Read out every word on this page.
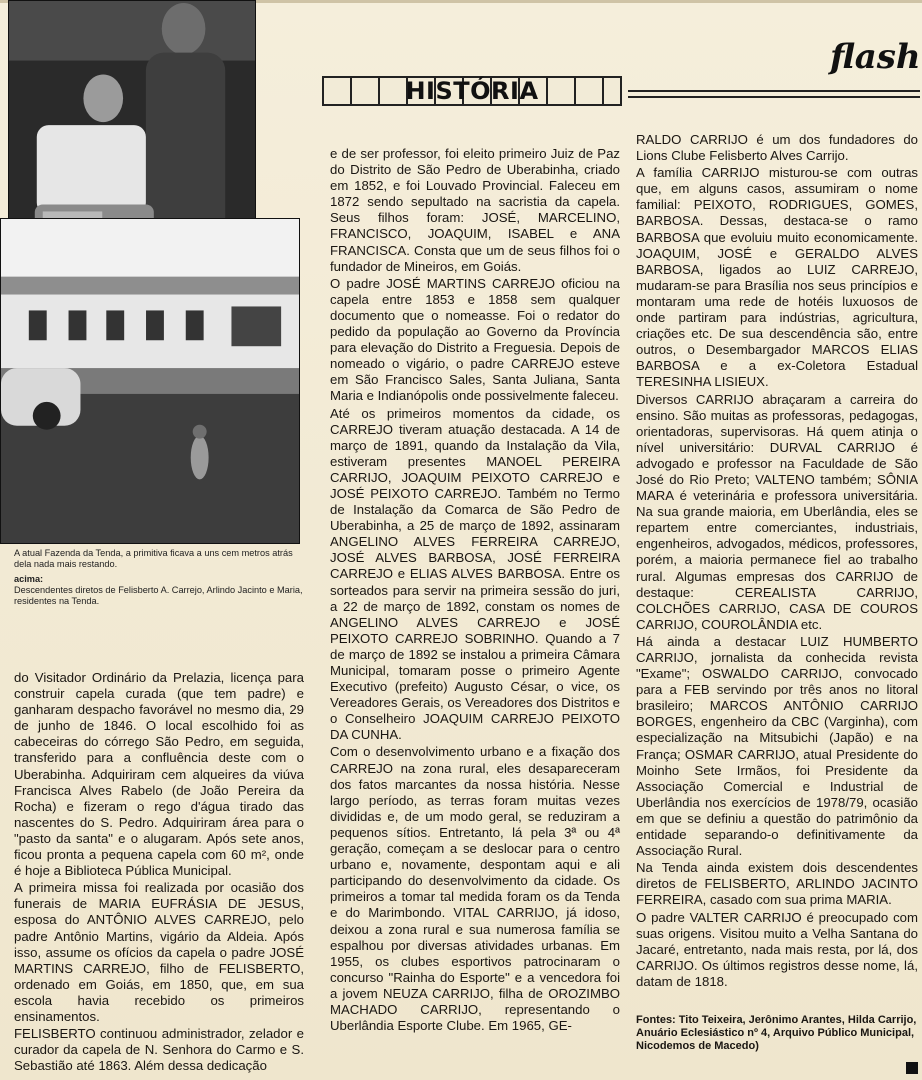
A atual Fazenda da Tenda, a primitiva ficava a uns cem metros atrás dela nada mais restando.
acima:
Descendentes diretos de Felisberto A. Carrejo, Arlindo Jacinto e Maria, residentes na Tenda.
HISTÓRIA
flash

do Visitador Ordinário da Prelazia, licença para construir capela curada (que tem padre) e ganharam despacho favorável no mesmo dia, 29 de junho de 1846. O local escolhido foi as cabeceiras do córrego São Pedro, em seguida, transferido para a confluência deste com o Uberabinha. Adquiriram cem alqueires da viúva Francisca Alves Rabelo (de João Pereira da Rocha) e fizeram o rego d'água tirado das nascentes do S. Pedro. Adquiriram área para o "pasto da santa" e o alugaram. Após sete anos, ficou pronta a pequena capela com 60 m², onde é hoje a Biblioteca Pública Municipal.

A primeira missa foi realizada por ocasião dos funerais de MARIA EUFRÁSIA DE JESUS, esposa do ANTÔNIO ALVES CARREJO, pelo padre Antônio Martins, vigário da Aldeia. Após isso, assume os ofícios da capela o padre JOSÉ MARTINS CARREJO, filho de FELISBERTO, ordenado em Goiás, em 1850, que, em sua escola havia recebido os primeiros ensinamentos.

FELISBERTO continuou administrador, zelador e curador da capela de N. Senhora do Carmo e S. Sebastião até 1863. Além dessa dedicação

e de ser professor, foi eleito primeiro Juiz de Paz do Distrito de São Pedro de Uberabinha, criado em 1852, e foi Louvado Provincial. Faleceu em 1872 sendo sepultado na sacristia da capela. Seus filhos foram: JOSÉ, MARCELINO, FRANCISCO, JOAQUIM, ISABEL e ANA FRANCISCA. Consta que um de seus filhos foi o fundador de Mineiros, em Goiás.

O padre JOSÉ MARTINS CARREJO oficiou na capela entre 1853 e 1858 sem qualquer documento que o nomeasse. Foi o redator do pedido da população ao Governo da Província para elevação do Distrito a Freguesia. Depois de nomeado o vigário, o padre CARREJO esteve em São Francisco Sales, Santa Juliana, Santa Maria e Indianópolis onde possivelmente faleceu.

Até os primeiros momentos da cidade, os CARREJO tiveram atuação destacada. A 14 de março de 1891, quando da Instalação da Vila, estiveram presentes MANOEL PEREIRA CARRIJO, JOAQUIM PEIXOTO CARREJO e JOSÉ PEIXOTO CARREJO. Também no Termo de Instalação da Comarca de São Pedro de Uberabinha, a 25 de março de 1892, assinaram ANGELINO ALVES FERREIRA CARREJO, JOSÉ ALVES BARBOSA, JOSÉ FERREIRA CARREJO e ELIAS ALVES BARBOSA. Entre os sorteados para servir na primeira sessão do juri, a 22 de março de 1892, constam os nomes de ANGELINO ALVES CARREJO e JOSÉ PEIXOTO CARREJO SOBRINHO. Quando a 7 de março de 1892 se instalou a primeira Câmara Municipal, tomaram posse o primeiro Agente Executivo (prefeito) Augusto César, o vice, os Vereadores Gerais, os Vereadores dos Distritos e o Conselheiro JOAQUIM CARREJO PEIXOTO DA CUNHA.

Com o desenvolvimento urbano e a fixação dos CARREJO na zona rural, eles desapareceram dos fatos marcantes da nossa história. Nesse largo período, as terras foram muitas vezes divididas e, de um modo geral, se reduziram a pequenos sítios. Entretanto, lá pela 3ª ou 4ª geração, começam a se deslocar para o centro urbano e, novamente, despontam aqui e ali participando do desenvolvimento da cidade. Os primeiros a tomar tal medida foram os da Tenda e do Marimbondo. VITAL CARRIJO, já idoso, deixou a zona rural e sua numerosa família se espalhou por diversas atividades urbanas. Em 1955, os clubes esportivos patrocinaram o concurso "Rainha do Esporte" e a vencedora foi a jovem NEUZA CARRIJO, filha de OROZIMBO MACHADO CARRIJO, representando o Uberlândia Esporte Clube. Em 1965, GE-

RALDO CARRIJO é um dos fundadores do Lions Clube Felisberto Alves Carrijo.

A família CARRIJO misturou-se com outras que, em alguns casos, assumiram o nome familial: PEIXOTO, RODRIGUES, GOMES, BARBOSA. Dessas, destaca-se o ramo BARBOSA que evoluiu muito economicamente. JOAQUIM, JOSÉ e GERALDO ALVES BARBOSA, ligados ao LUIZ CARREJO, mudaram-se para Brasília nos seus princípios e montaram uma rede de hotéis luxuosos de onde partiram para indústrias, agricultura, criações etc. De sua descendência são, entre outros, o Desembargador MARCOS ELIAS BARBOSA e a ex-Coletora Estadual TERESINHA LISIEUX.

Diversos CARRIJO abraçaram a carreira do ensino. São muitas as professoras, pedagogas, orientadoras, supervisoras. Há quem atinja o nível universitário: DURVAL CARRIJO é advogado e professor na Faculdade de São José do Rio Preto; VALTENO também; SÔNIA MARA é veterinária e professora universitária. Na sua grande maioria, em Uberlândia, eles se repartem entre comerciantes, industriais, engenheiros, advogados, médicos, professores, porém, a maioria permanece fiel ao trabalho rural. Algumas empresas dos CARRIJO de destaque: CEREALISTA CARRIJO, COLCHÕES CARRIJO, CASA DE COUROS CARRIJO, COUROLÂNDIA etc.

Há ainda a destacar LUIZ HUMBERTO CARRIJO, jornalista da conhecida revista "Exame"; OSWALDO CARRIJO, convocado para a FEB servindo por três anos no litoral brasileiro; MARCOS ANTÔNIO CARRIJO BORGES, engenheiro da CBC (Varginha), com especialização na Mitsubichi (Japão) e na França; OSMAR CARRIJO, atual Presidente do Moinho Sete Irmãos, foi Presidente da Associação Comercial e Industrial de Uberlândia nos exercícios de 1978/79, ocasião em que se definiu a questão do patrimônio da entidade separando-o definitivamente da Associação Rural.

Na Tenda ainda existem dois descendentes diretos de FELISBERTO, ARLINDO JACINTO FERREIRA, casado com sua prima MARIA.

O padre VALTER CARRIJO é preocupado com suas origens. Visitou muito a Velha Santana do Jacaré, entretanto, nada mais resta, por lá, dos CARRIJO. Os últimos registros desse nome, lá, datam de 1818.

Fontes: Tito Teixeira, Jerônimo Arantes, Hilda Carrijo, Anuário Eclesiástico nº 4, Arquivo Público Municipal, Nicodemos de Macedo)
